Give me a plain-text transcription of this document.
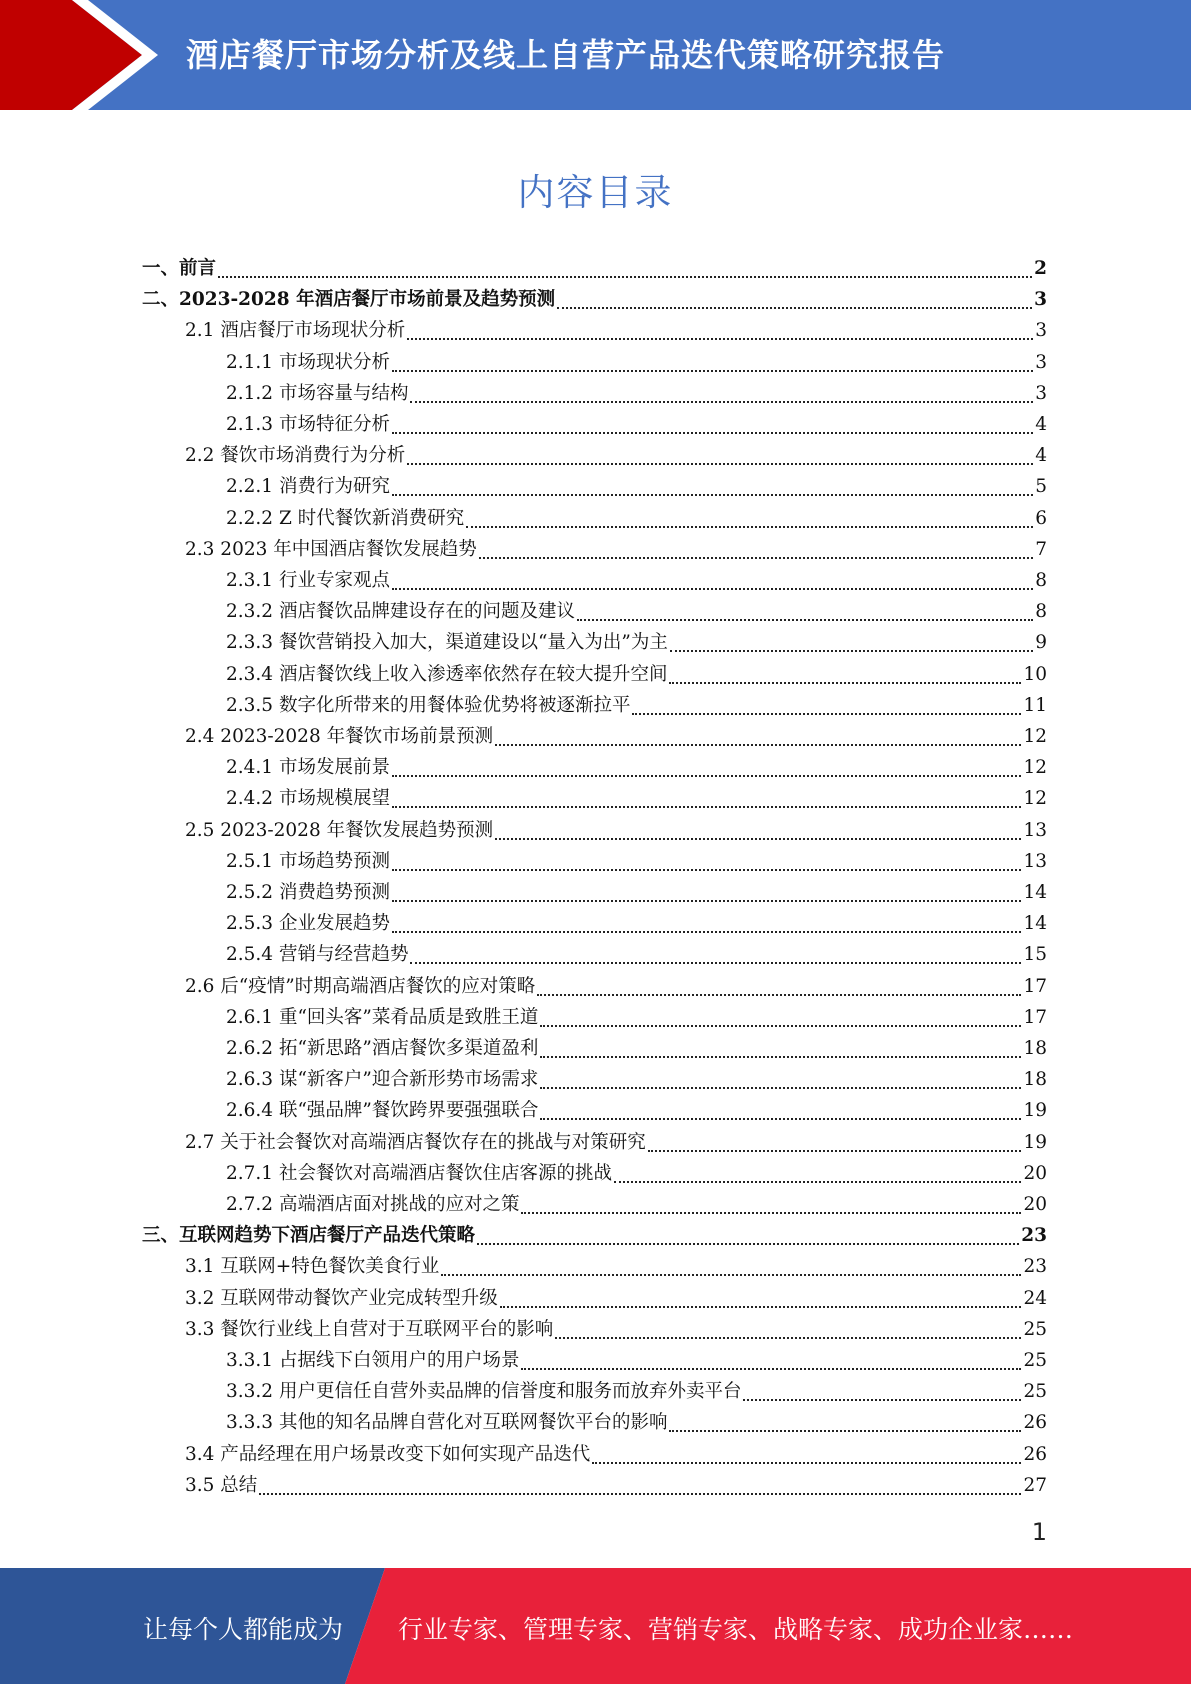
酒店餐厅市场分析及线上自营产品迭代策略研究报告
内容目录
一、前言	2
二、2023-2028 年酒店餐厅市场前景及趋势预测	3
2.1 酒店餐厅市场现状分析	3
2.1.1 市场现状分析	3
2.1.2 市场容量与结构	3
2.1.3 市场特征分析	4
2.2 餐饮市场消费行为分析	4
2.2.1 消费行为研究	5
2.2.2 Z 时代餐饮新消费研究	6
2.3 2023 年中国酒店餐饮发展趋势	7
2.3.1 行业专家观点	8
2.3.2 酒店餐饮品牌建设存在的问题及建议	8
2.3.3 餐饮营销投入加大，渠道建设以“量入为出”为主	9
2.3.4 酒店餐饮线上收入渗透率依然存在较大提升空间	10
2.3.5 数字化所带来的用餐体验优势将被逐渐拉平	11
2.4 2023-2028 年餐饮市场前景预测	12
2.4.1 市场发展前景	12
2.4.2 市场规模展望	12
2.5 2023-2028 年餐饮发展趋势预测	13
2.5.1 市场趋势预测	13
2.5.2 消费趋势预测	14
2.5.3 企业发展趋势	14
2.5.4 营销与经营趋势	15
2.6 后“疫情”时期高端酒店餐饮的应对策略	17
2.6.1 重“回头客”菜肴品质是致胜王道	17
2.6.2 拓“新思路”酒店餐饮多渠道盈利	18
2.6.3 谋“新客户”迎合新形势市场需求	18
2.6.4 联“强品牌”餐饮跨界要强强联合	19
2.7 关于社会餐饮对高端酒店餐饮存在的挑战与对策研究	19
2.7.1 社会餐饮对高端酒店餐饮住店客源的挑战	20
2.7.2 高端酒店面对挑战的应对之策	20
三、互联网趋势下酒店餐厅产品迭代策略	23
3.1 互联网+特色餐饮美食行业	23
3.2 互联网带动餐饮产业完成转型升级	24
3.3 餐饮行业线上自营对于互联网平台的影响	25
3.3.1 占据线下白领用户的用户场景	25
3.3.2 用户更信任自营外卖品牌的信誉度和服务而放弃外卖平台	25
3.3.3 其他的知名品牌自营化对互联网餐饮平台的影响	26
3.4 产品经理在用户场景改变下如何实现产品迭代	26
3.5 总结	27
1
让每个人都能成为 行业专家、管理专家、营销专家、战略专家、成功企业家……
